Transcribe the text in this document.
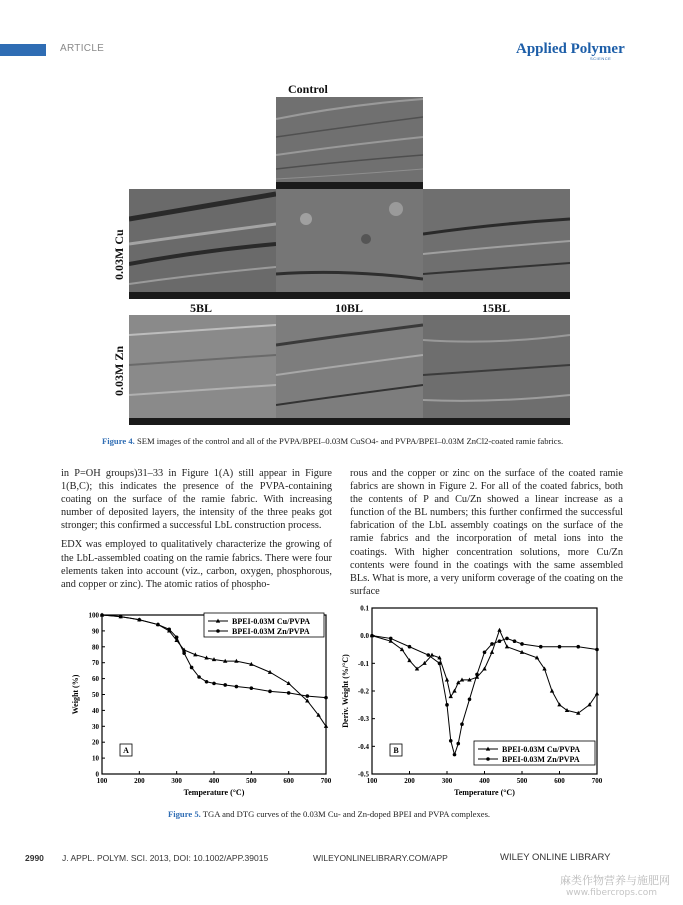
ARTICLE	Applied Polymer
SCIENCE
Control
0.03M Cu
5BL	10BL	15BL
0.03M Zn
Figure 4. SEM images of the control and all of the PVPA/BPEI–0.03M CuSO4- and PVPA/BPEI–0.03M ZnCl2-coated ramie fabrics.

in P=OH groups)31–33 in Figure 1(A) still appear in Figure 1(B,C); this indicates the presence of the PVPA-containing coating on the surface of the ramie fabric. With increasing number of deposited layers, the intensity of the three peaks got stronger; this confirmed a successful LbL construction process.

EDX was employed to qualitatively characterize the growing of the LbL-assembled coating on the ramie fabrics. There were four elements taken into account (viz., carbon, oxygen, phosphorous, and copper or zinc). The atomic ratios of phospho-

rous and the copper or zinc on the surface of the coated ramie fabrics are shown in Figure 2. For all of the coated fabrics, both the contents of P and Cu/Zn showed a linear increase as a function of the BL numbers; this further confirmed the successful fabrication of the LbL assembly coatings on the surface of the ramie fabrics and the incorporation of metal ions into the coatings. With higher concentration solutions, more Cu/Zn contents were found in the coatings with the same assembled BLs. What is more, a very uniform coverage of the coating on the surface

100	200	300	400	500	600	700
0
10
20
30
40
50
60
70
80
90
100
Temperature (°C)
Weight (%)
BPEI-0.03M Cu/PVPA
BPEI-0.03M Zn/PVPA
A
100	200	300	400	500	600	700
0.1
0.0
-0.1
-0.2
-0.3
-0.4
-0.5
Temperature (°C)
Deriv. Weight (%/°C)
BPEI-0.03M Cu/PVPA
BPEI-0.03M Zn/PVPA
B
Figure 5. TGA and DTG curves of the 0.03M Cu- and Zn-doped BPEI and PVPA complexes.
2990 J. APPL. POLYM. SCI. 2013, DOI: 10.1002/APP.39015	WILEYONLINELIBRARY.COM/APP	WILEY ONLINE LIBRARY
麻类作物营养与施肥网
www.fibercrops.com
